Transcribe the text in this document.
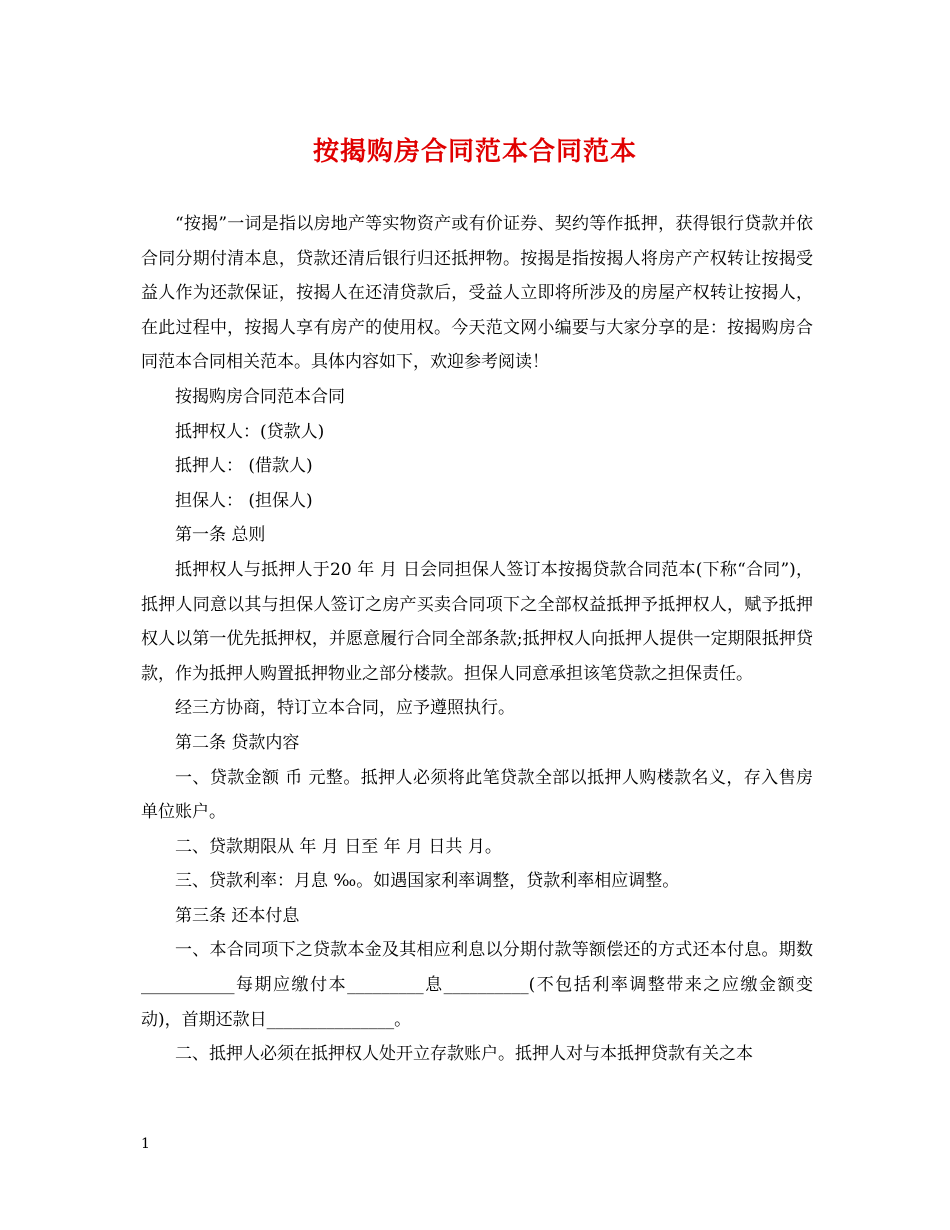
按揭购房合同范本合同范本

“按揭”一词是指以房地产等实物资产或有价证券、契约等作抵押，获得银行贷款并依合同分期付清本息，贷款还清后银行归还抵押物。按揭是指按揭人将房产产权转让按揭受益人作为还款保证，按揭人在还清贷款后，受益人立即将所涉及的房屋产权转让按揭人，在此过程中，按揭人享有房产的使用权。今天范文网小编要与大家分享的是：按揭购房合同范本合同相关范本。具体内容如下，欢迎参考阅读！

按揭购房合同范本合同

抵押权人：(贷款人)

抵押人： (借款人)

担保人： (担保人)

第一条 总则

抵押权人与抵押人于20 年 月 日会同担保人签订本按揭贷款合同范本(下称“合同”)，抵押人同意以其与担保人签订之房产买卖合同项下之全部权益抵押予抵押权人，赋予抵押权人以第一优先抵押权，并愿意履行合同全部条款;抵押权人向抵押人提供一定期限抵押贷款，作为抵押人购置抵押物业之部分楼款。担保人同意承担该笔贷款之担保责任。

经三方协商，特订立本合同，应予遵照执行。

第二条 贷款内容

一、贷款金额 币 元整。抵押人必须将此笔贷款全部以抵押人购楼款名义，存入售房单位账户。

二、贷款期限从 年 月 日至 年 月 日共 月。

三、贷款利率：月息 ‰。如遇国家利率调整，贷款利率相应调整。

第三条 还本付息

一、本合同项下之贷款本金及其相应利息以分期付款等额偿还的方式还本付息。期数___________每期应缴付本_________息__________(不包括利率调整带来之应缴金额变动)，首期还款日_______________。

二、抵押人必须在抵押权人处开立存款账户。抵押人对与本抵押贷款有关之本

1
